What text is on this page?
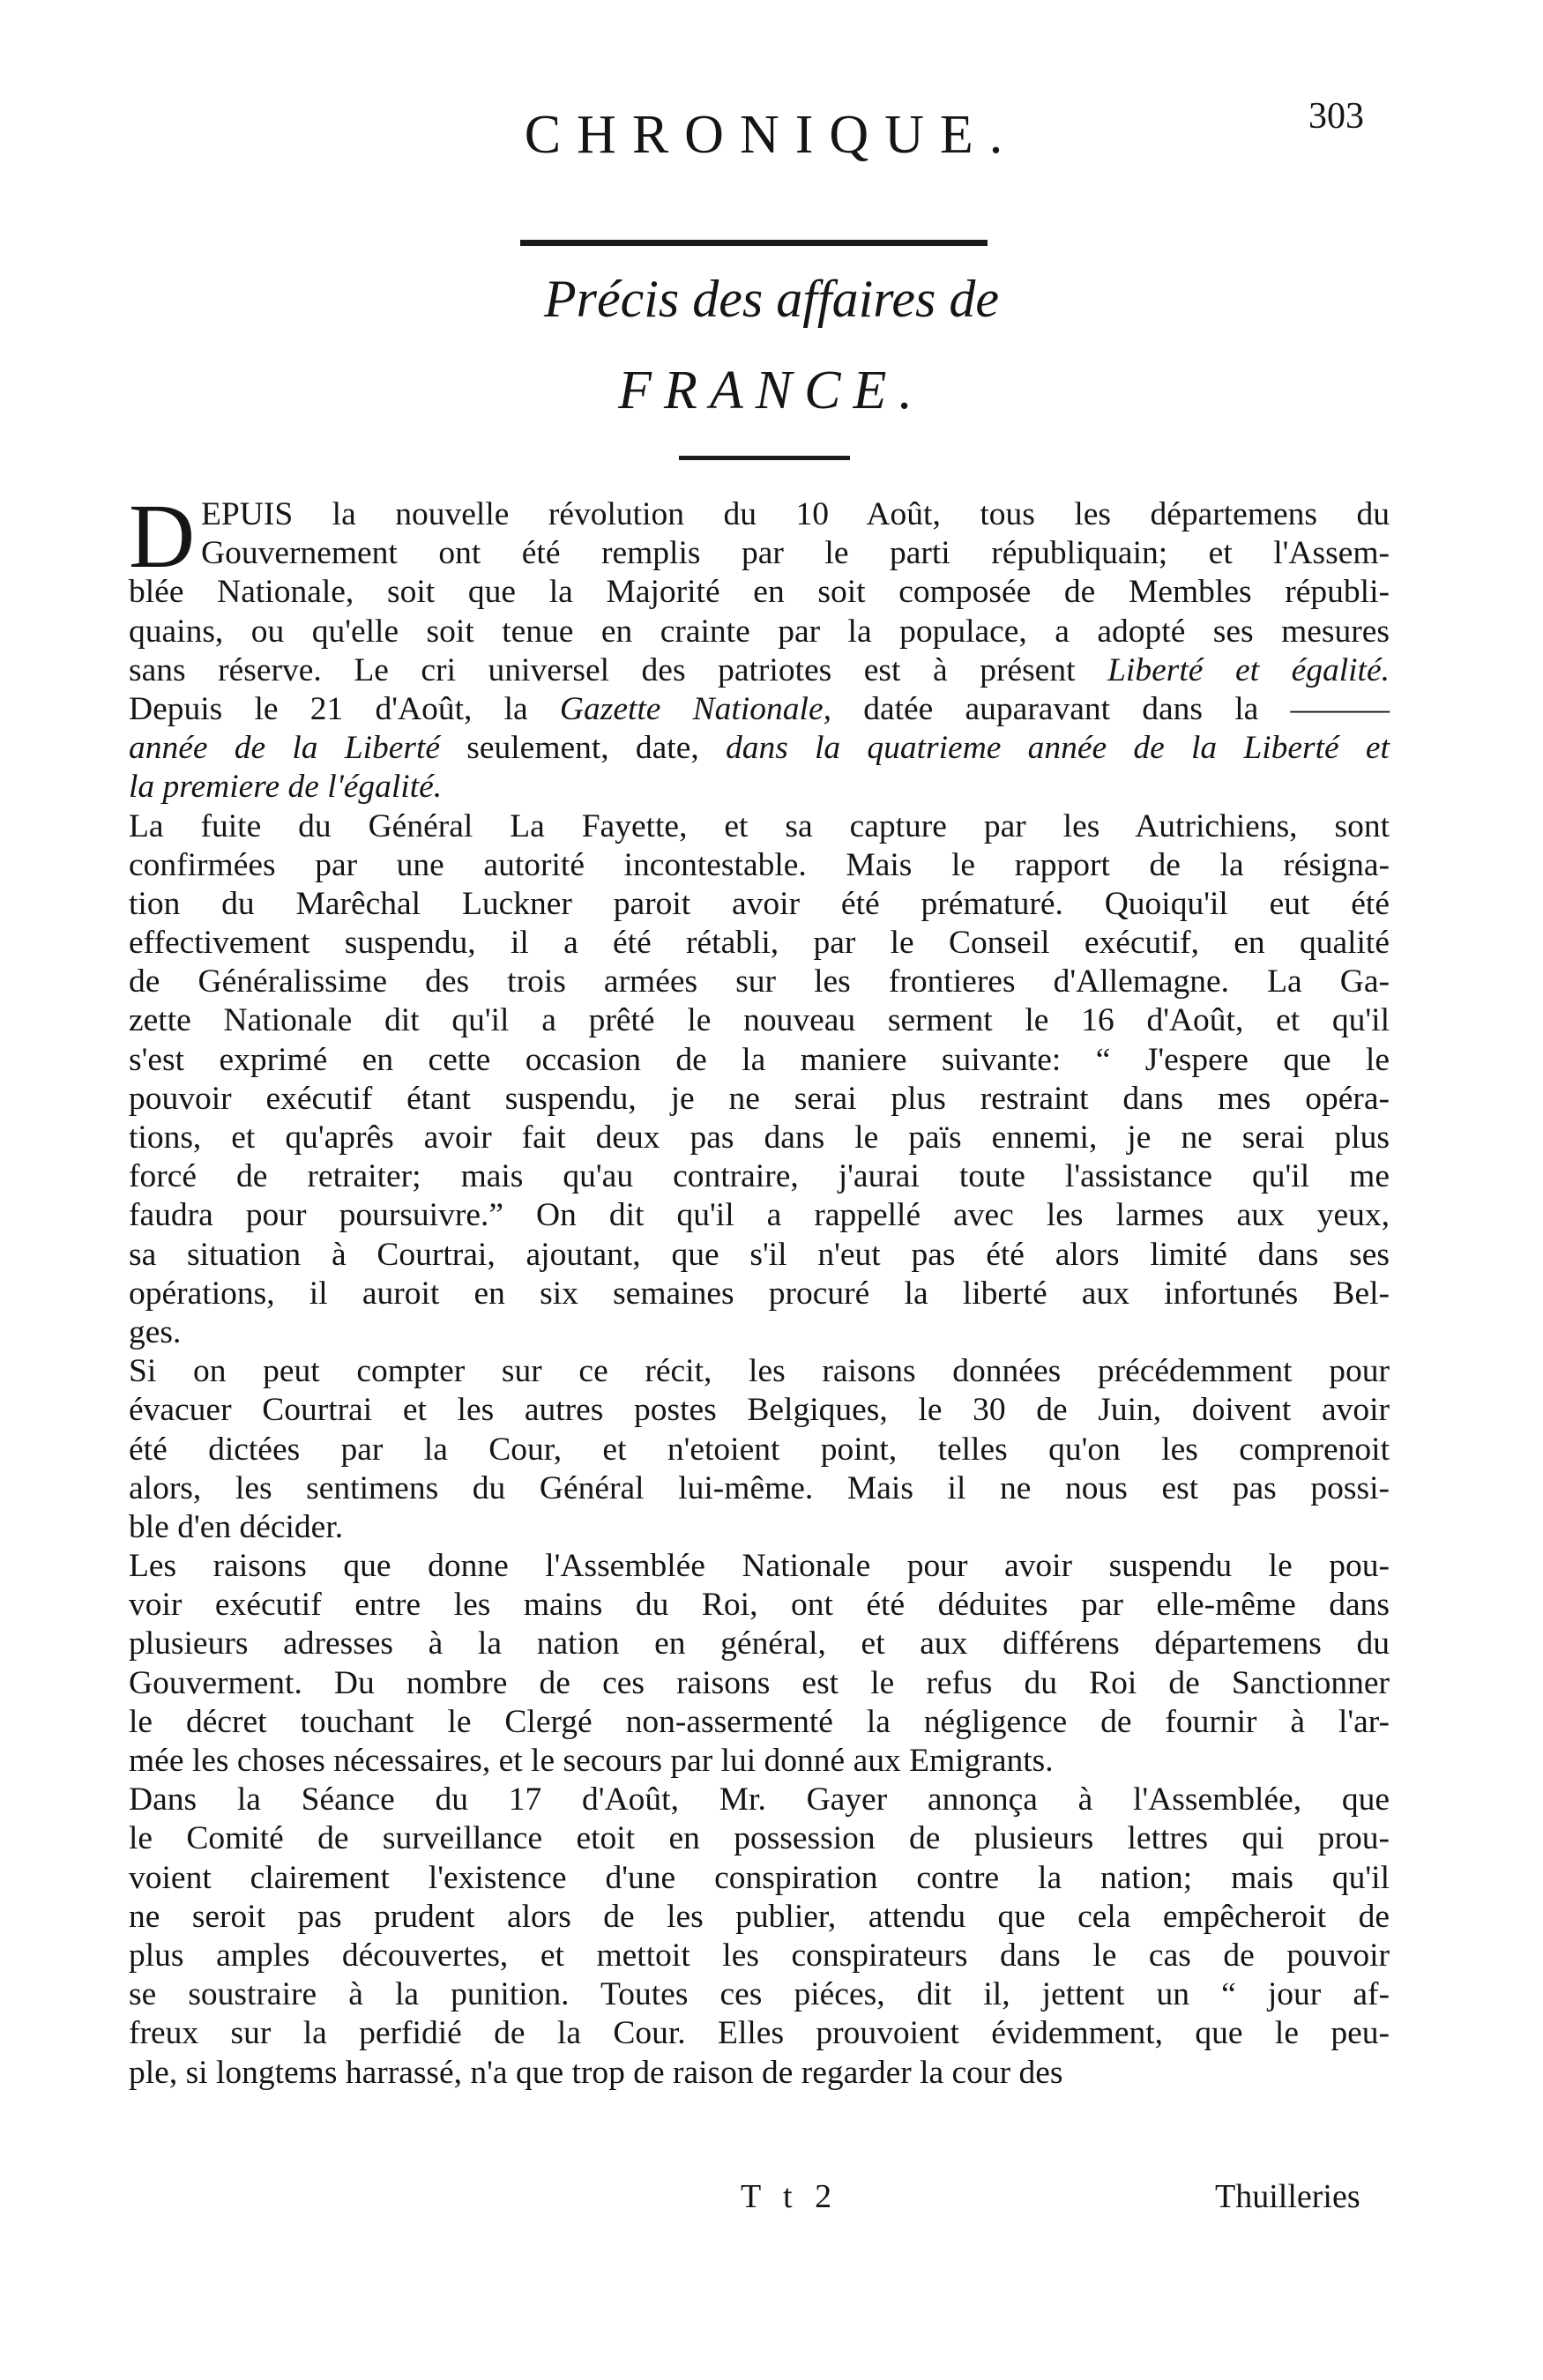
CHRONIQUE.	303
Précis des affaires de
FRANCE.
D EPUIS la nouvelle révolution du 10 Août, tous les départemens du
Gouvernement ont été remplis par le parti républiquain; et l'Assem-
blée Nationale, soit que la Majorité en soit composée de Membles républi-
quains, ou qu'elle soit tenue en crainte par la populace, a adopté ses mesures
sans réserve. Le cri universel des patriotes est à présent Liberté et égalité.
Depuis le 21 d'Août, la Gazette Nationale, datée auparavant dans la ———
année de la Liberté seulement, date, dans la quatrieme année de la Liberté et
la premiere de l'égalité.
La fuite du Général La Fayette, et sa capture par les Autrichiens, sont
confirmées par une autorité incontestable. Mais le rapport de la résigna-
tion du Marêchal Luckner paroit avoir été prématuré. Quoiqu'il eut été
effectivement suspendu, il a été rétabli, par le Conseil exécutif, en qualité
de Généralissime des trois armées sur les frontieres d'Allemagne. La Ga-
zette Nationale dit qu'il a prêté le nouveau serment le 16 d'Août, et qu'il
s'est exprimé en cette occasion de la maniere suivante: “ J'espere que le
pouvoir exécutif étant suspendu, je ne serai plus restraint dans mes opéra-
tions, et qu'aprês avoir fait deux pas dans le païs ennemi, je ne serai plus
forcé de retraiter; mais qu'au contraire, j'aurai toute l'assistance qu'il me
faudra pour poursuivre.” On dit qu'il a rappellé avec les larmes aux yeux,
sa situation à Courtrai, ajoutant, que s'il n'eut pas été alors limité dans ses
opérations, il auroit en six semaines procuré la liberté aux infortunés Bel-
ges.
Si on peut compter sur ce récit, les raisons données précédemment pour
évacuer Courtrai et les autres postes Belgiques, le 30 de Juin, doivent avoir
été dictées par la Cour, et n'etoient point, telles qu'on les comprenoit
alors, les sentimens du Général lui-même. Mais il ne nous est pas possi-
ble d'en décider.
Les raisons que donne l'Assemblée Nationale pour avoir suspendu le pou-
voir exécutif entre les mains du Roi, ont été déduites par elle-même dans
plusieurs adresses à la nation en général, et aux différens départemens du
Gouverment. Du nombre de ces raisons est le refus du Roi de Sanctionner
le décret touchant le Clergé non-assermenté la négligence de fournir à l'ar-
mée les choses nécessaires, et le secours par lui donné aux Emigrants.
Dans la Séance du 17 d'Août, Mr. Gayer annonça à l'Assemblée, que
le Comité de surveillance etoit en possession de plusieurs lettres qui prou-
voient clairement l'existence d'une conspiration contre la nation; mais qu'il
ne seroit pas prudent alors de les publier, attendu que cela empêcheroit de
plus amples découvertes, et mettoit les conspirateurs dans le cas de pouvoir
se soustraire à la punition. Toutes ces piéces, dit il, jettent un “ jour af-
freux sur la perfidié de la Cour. Elles prouvoient évidemment, que le peu-
ple, si longtems harrassé, n'a que trop de raison de regarder la cour des
T t 2	Thuilleries
